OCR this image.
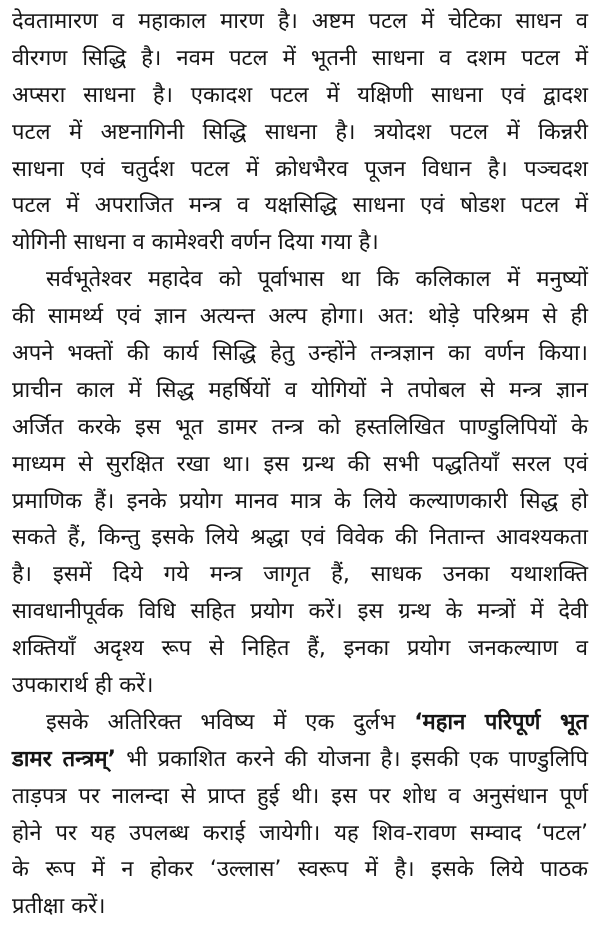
देवतामारण व महाकाल मारण है। अष्टम पटल में चेटिका साधन व
वीरगण सिद्धि है। नवम पटल में भूतनी साधना व दशम पटल में
अप्सरा साधना है। एकादश पटल में यक्षिणी साधना एवं द्वादश
पटल में अष्टनागिनी सिद्धि साधना है। त्रयोदश पटल में किन्नरी
साधना एवं चतुर्दश पटल में क्रोधभैरव पूजन विधान है। पञ्चदश
पटल में अपराजित मन्त्र व यक्षसिद्धि साधना एवं षोडश पटल में
योगिनी साधना व कामेश्वरी वर्णन दिया गया है।

सर्वभूतेश्वर महादेव को पूर्वाभास था कि कलिकाल में मनुष्यों
की सामर्थ्य एवं ज्ञान अत्यन्त अल्प होगा। अत: थोड़े परिश्रम से ही
अपने भक्तों की कार्य सिद्धि हेतु उन्होंने तन्त्रज्ञान का वर्णन किया।
प्राचीन काल में सिद्ध महर्षियों व योगियों ने तपोबल से मन्त्र ज्ञान
अर्जित करके इस भूत डामर तन्त्र को हस्तलिखित पाण्डुलिपियों के
माध्यम से सुरक्षित रखा था। इस ग्रन्थ की सभी पद्धतियाँ सरल एवं
प्रमाणिक हैं। इनके प्रयोग मानव मात्र के लिये कल्याणकारी सिद्ध हो
सकते हैं, किन्तु इसके लिये श्रद्धा एवं विवेक की नितान्त आवश्यकता
है। इसमें दिये गये मन्त्र जागृत हैं, साधक उनका यथाशक्ति
सावधानीपूर्वक विधि सहित प्रयोग करें। इस ग्रन्थ के मन्त्रों में देवी
शक्तियाँ अदृश्य रूप से निहित हैं, इनका प्रयोग जनकल्याण व
उपकारार्थ ही करें।

इसके अतिरिक्त भविष्य में एक दुर्लभ ‘महान परिपूर्ण भूत
डामर तन्त्रम्’ भी प्रकाशित करने की योजना है। इसकी एक पाण्डुलिपि
ताड़पत्र पर नालन्दा से प्राप्त हुई थी। इस पर शोध व अनुसंधान पूर्ण
होने पर यह उपलब्ध कराई जायेगी। यह शिव-रावण सम्वाद ‘पटल’
के रूप में न होकर ‘उल्लास’ स्वरूप में है। इसके लिये पाठक
प्रतीक्षा करें।
